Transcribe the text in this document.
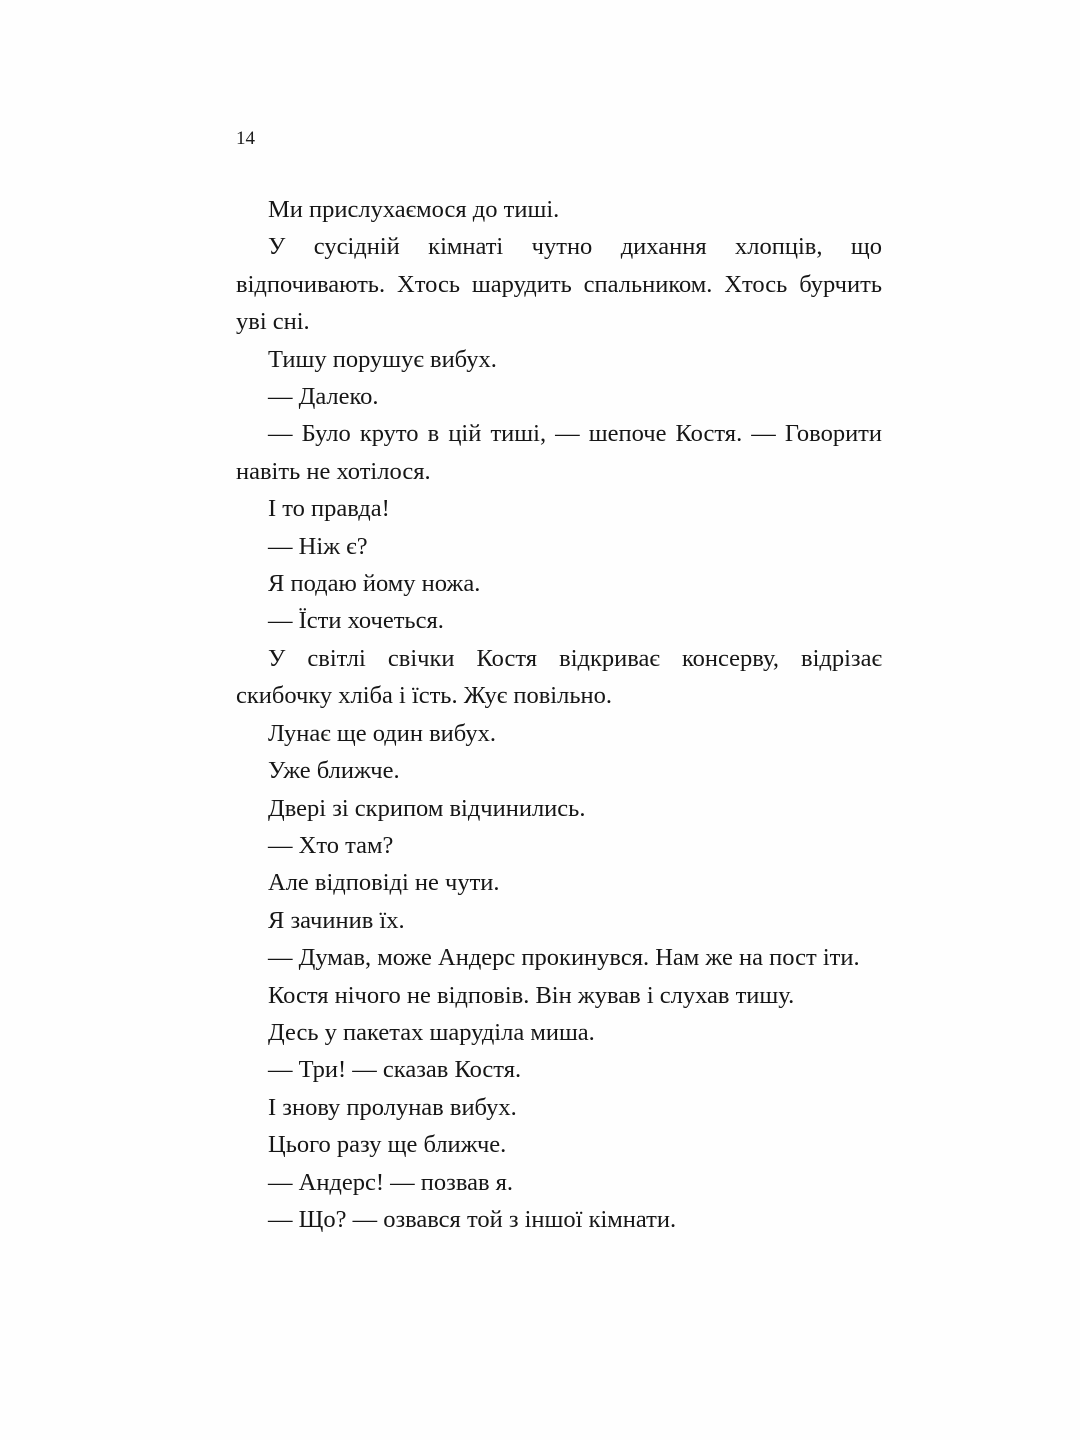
14

Ми прислухаємося до тиші.

У сусідній кімнаті чутно дихання хлопців, що відпочивають. Хтось шарудить спальником. Хтось бурчить уві сні.

Тишу порушує вибух.

— Далеко.

— Було круто в цій тиші, — шепоче Костя. — Говорити навіть не хотілося.

І то правда!

— Ніж є?

Я подаю йому ножа.

— Їсти хочеться.

У світлі свічки Костя відкриває консерву, відрізає скибочку хліба і їсть. Жує повільно.

Лунає ще один вибух.

Уже ближче.

Двері зі скрипом відчинились.

— Хто там?

Але відповіді не чути.

Я зачинив їх.

— Думав, може Андерс прокинувся. Нам же на пост іти.

Костя нічого не відповів. Він жував і слухав тишу.

Десь у пакетах шаруділа миша.

— Три! — сказав Костя.

І знову пролунав вибух.

Цього разу ще ближче.

— Андерс! — позвав я.

— Що? — озвався той з іншої кімнати.
